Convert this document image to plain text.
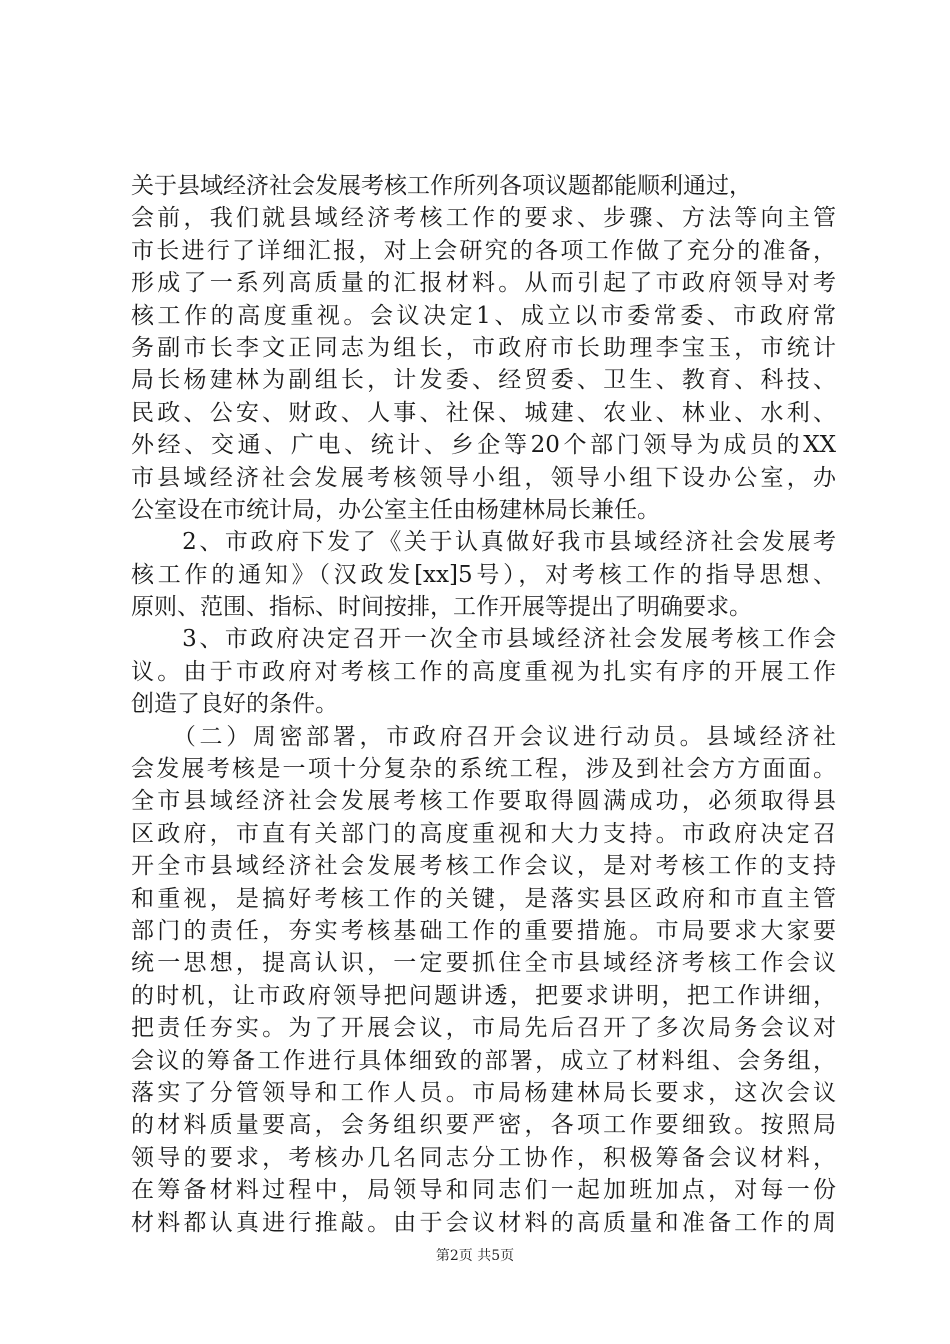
关于县域经济社会发展考核工作所列各项议题都能顺利通过，
会前，我们就县域经济考核工作的要求、步骤、方法等向主管
市长进行了详细汇报，对上会研究的各项工作做了充分的准备，
形成了一系列高质量的汇报材料。从而引起了市政府领导对考
核工作的高度重视。会议决定1、成立以市委常委、市政府常
务副市长李文正同志为组长，市政府市长助理李宝玉，市统计
局长杨建林为副组长，计发委、经贸委、卫生、教育、科技、
民政、公安、财政、人事、社保、城建、农业、林业、水利、
外经、交通、广电、统计、乡企等20个部门领导为成员的XX
市县域经济社会发展考核领导小组，领导小组下设办公室，办
公室设在市统计局，办公室主任由杨建林局长兼任。
　　2、市政府下发了《关于认真做好我市县域经济社会发展考
核工作的通知》（汉政发[xx]5号），对考核工作的指导思想、
原则、范围、指标、时间按排，工作开展等提出了明确要求。
　　3、市政府决定召开一次全市县域经济社会发展考核工作会
议。由于市政府对考核工作的高度重视为扎实有序的开展工作
创造了良好的条件。
　　（二）周密部署，市政府召开会议进行动员。县域经济社
会发展考核是一项十分复杂的系统工程，涉及到社会方方面面。
全市县域经济社会发展考核工作要取得圆满成功，必须取得县
区政府，市直有关部门的高度重视和大力支持。市政府决定召
开全市县域经济社会发展考核工作会议，是对考核工作的支持
和重视，是搞好考核工作的关键，是落实县区政府和市直主管
部门的责任，夯实考核基础工作的重要措施。市局要求大家要
统一思想，提高认识，一定要抓住全市县域经济考核工作会议
的时机，让市政府领导把问题讲透，把要求讲明，把工作讲细，
把责任夯实。为了开展会议，市局先后召开了多次局务会议对
会议的筹备工作进行具体细致的部署，成立了材料组、会务组，
落实了分管领导和工作人员。市局杨建林局长要求，这次会议
的材料质量要高，会务组织要严密，各项工作要细致。按照局
领导的要求，考核办几名同志分工协作，积极筹备会议材料，
在筹备材料过程中，局领导和同志们一起加班加点，对每一份
材料都认真进行推敲。由于会议材料的高质量和准备工作的周
第2页 共5页
